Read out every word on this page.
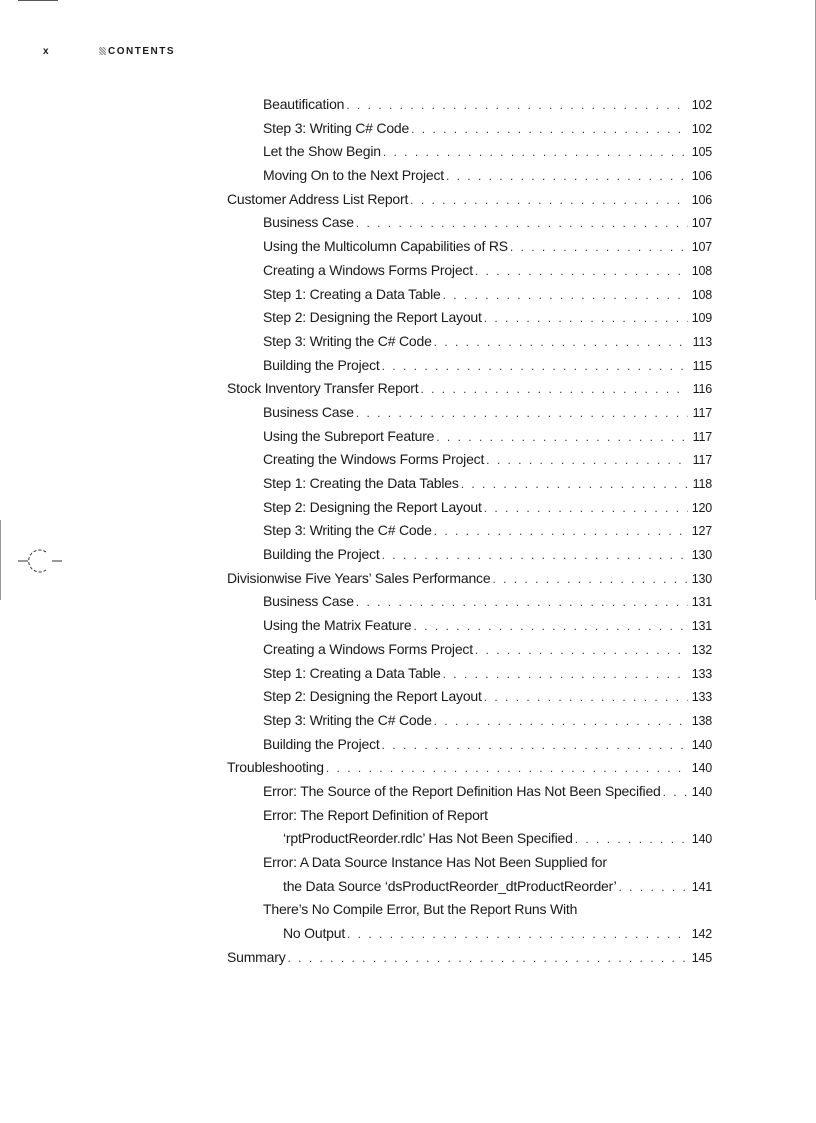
x	CONTENTS
Beautification . . .	102
Step 3: Writing C# Code . . .	102
Let the Show Begin . . .	105
Moving On to the Next Project . . .	106
Customer Address List Report . . .	106
Business Case . . .	107
Using the Multicolumn Capabilities of RS . . .	107
Creating a Windows Forms Project . . .	108
Step 1: Creating a Data Table . . .	108
Step 2: Designing the Report Layout . . .	109
Step 3: Writing the C# Code . . .	113
Building the Project . . .	115
Stock Inventory Transfer Report . . .	116
Business Case . . .	117
Using the Subreport Feature . . .	117
Creating the Windows Forms Project . . .	117
Step 1: Creating the Data Tables . . .	118
Step 2: Designing the Report Layout . . .	120
Step 3: Writing the C# Code . . .	127
Building the Project . . .	130
Divisionwise Five Years’ Sales Performance . . .	130
Business Case . . .	131
Using the Matrix Feature . . .	131
Creating a Windows Forms Project . . .	132
Step 1: Creating a Data Table . . .	133
Step 2: Designing the Report Layout . . .	133
Step 3: Writing the C# Code . . .	138
Building the Project . . .	140
Troubleshooting . . .	140
Error: The Source of the Report Definition Has Not Been Specified . . . 140
Error: The Report Definition of Report
‘rptProductReorder.rdlc’ Has Not Been Specified . . .	140
Error: A Data Source Instance Has Not Been Supplied for
the Data Source ‘dsProductReorder_dtProductReorder’ . . .	141
There’s No Compile Error, But the Report Runs With
No Output . . .	142
Summary . . .	145
